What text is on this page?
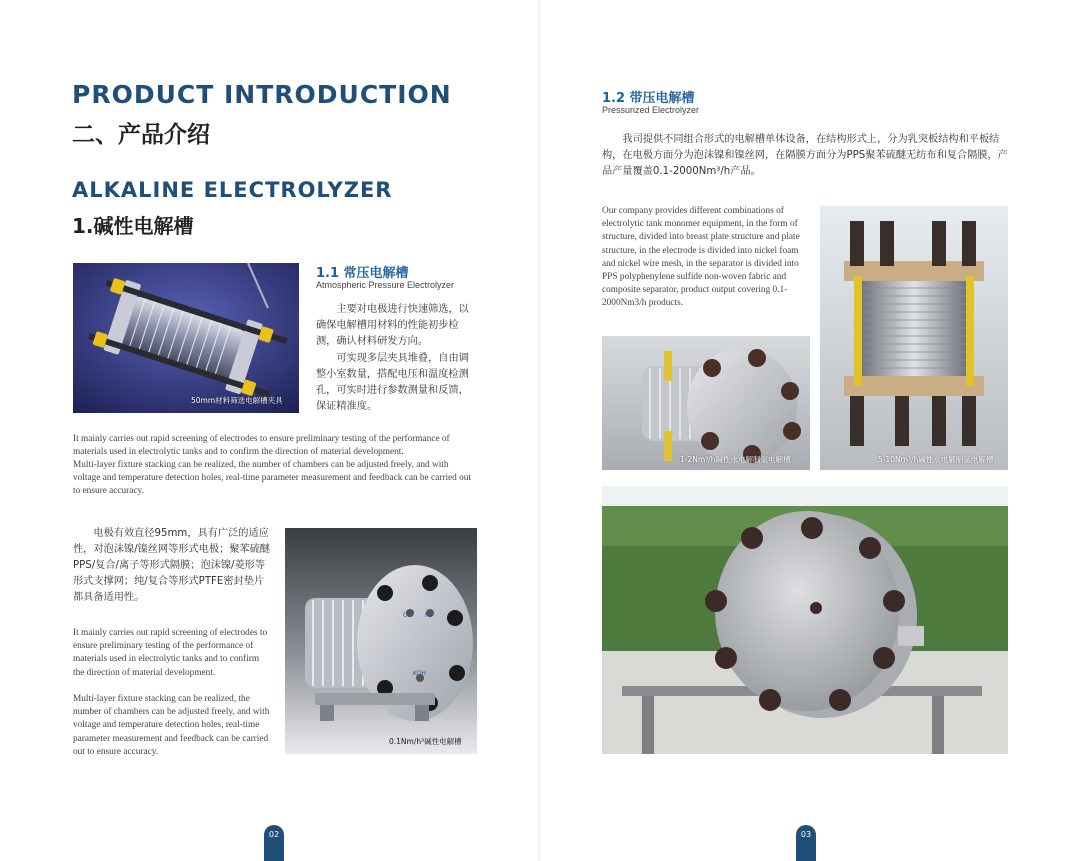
PRODUCT INTRODUCTION
二、产品介绍
ALKALINE ELECTROLYZER
1.碱性电解槽
50mm材料筛选电解槽夹具
1.1 常压电解槽
Atmospheric Pressure Electrolyzer
主要对电极进行快速筛选，以确保电解槽用材料的性能初步检测，确认材料研发方向。
可实现多层夹具堆叠，自由调整小室数量，搭配电压和温度检测孔，可实时进行参数测量和反馈，保证精准度。
It mainly carries out rapid screening of electrodes to ensure preliminary testing of the performance of materials used in electrolytic tanks and to confirm the direction of material development.
Multi-layer fixture stacking can be realized, the number of chambers can be adjusted freely, and with voltage and temperature detection holes, real-time parameter measurement and feedback can be carried out to ensure accuracy.
电极有效直径95mm，具有广泛的适应性，对泡沫镍/镍丝网等形式电极；聚苯硫醚PPS/复合/离子等形式隔膜；泡沫镍/菱形等形式支撑网；纯/复合等形式PTFE密封垫片都具备适用性。
It mainly carries out rapid screening of electrodes to ensure preliminary testing of the performance of materials used in electrolytic tanks and to confirm the direction of material development.
Multi-layer fixture stacking can be realized, the number of chambers can be adjusted freely, and with voltage and temperature detection holes, real-time parameter measurement and feedback can be carried out to ensure accuracy.
O₂ H₂
KOH
0.1Nm/h³碱性电解槽
02
1.2 带压电解槽
Pressurized Electrolyzer
我司提供不同组合形式的电解槽单体设备，在结构形式上，分为乳突板结构和平板结构，在电极方面分为泡沫镍和镍丝网，在隔膜方面分为PPS聚苯硫醚无纺布和复合隔膜，产品产量覆盖0.1-2000Nm³/h产品。
Our company provides different combinations of electrolytic tank monomer equipment, in the form of structure, divided into breast plate structure and plate structure, in the electrode is divided into nickel foam and nickel wire mesh, in the separator is divided into PPS polyphenylene sulfide non-woven fabric and composite separator, product output covering 0.1-2000Nm3/h products.
5-10Nm³/h碱性水电解制氢电解槽
1-2Nm³/h碱性水电解制氢电解槽
03
